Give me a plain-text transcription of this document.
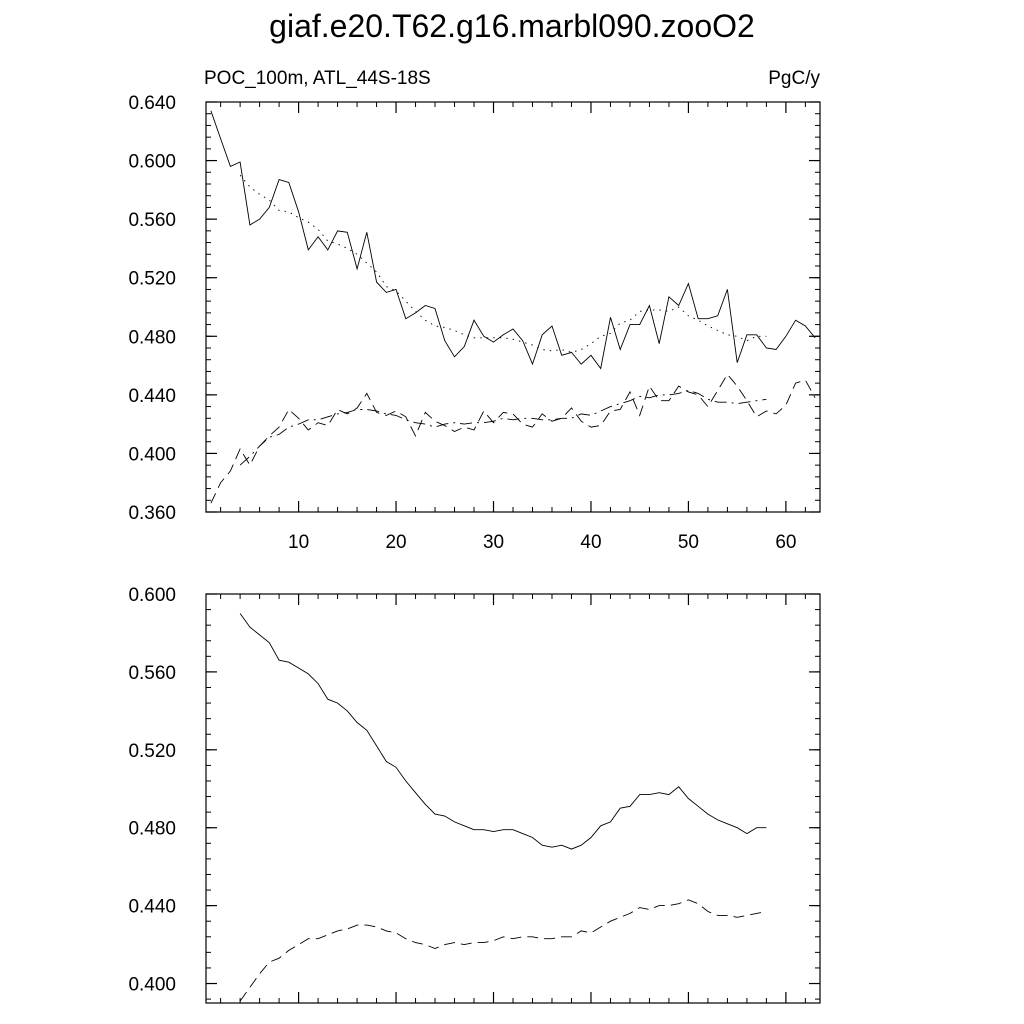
giaf.e20.T62.g16.marbl090.zooO2
POC_100m, ATL_44S-18S	PgC/y
0.640
0.600
0.560
0.520
0.480
0.440
0.400
0.360
10	20	30	40	50	60
0.600
0.560
0.520
0.480
0.440
0.400
